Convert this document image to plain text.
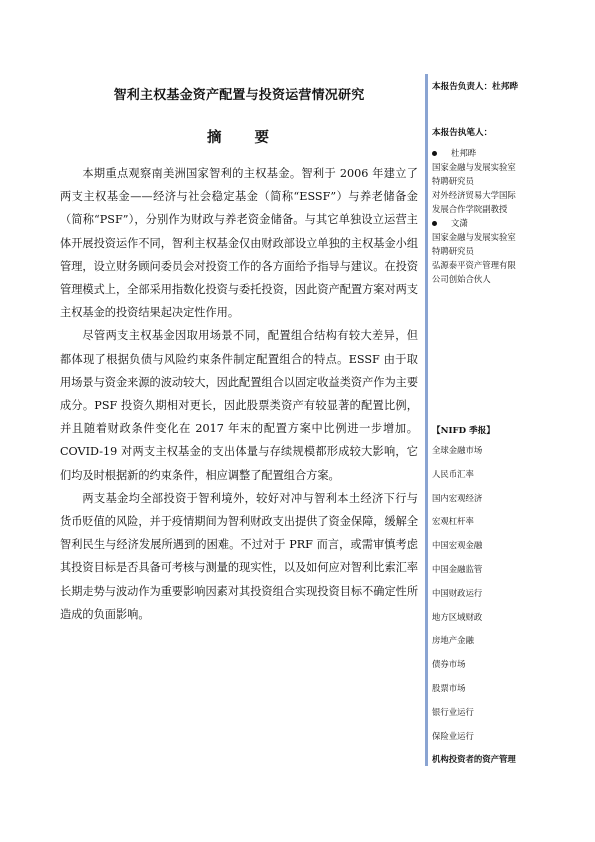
智利主权基金资产配置与投资运营情况研究
摘 要

本期重点观察南美洲国家智利的主权基金。智利于 2006 年建立了两支主权基金——经济与社会稳定基金（简称“ESSF”）与养老储备金（简称“PSF”），分别作为财政与养老资金储备。与其它单独设立运营主体开展投资运作不同，智利主权基金仅由财政部设立单独的主权基金小组管理，设立财务顾问委员会对投资工作的各方面给予指导与建议。在投资管理模式上，全部采用指数化投资与委托投资，因此资产配置方案对两支主权基金的投资结果起决定性作用。

尽管两支主权基金因取用场景不同，配置组合结构有较大差异，但都体现了根据负债与风险约束条件制定配置组合的特点。ESSF 由于取用场景与资金来源的波动较大，因此配置组合以固定收益类资产作为主要成分。PSF 投资久期相对更长，因此股票类资产有较显著的配置比例，并且随着财政条件变化在 2017 年末的配置方案中比例进一步增加。COVID-19 对两支主权基金的支出体量与存续规模都形成较大影响，它们均及时根据新的约束条件，相应调整了配置组合方案。

两支基金均全部投资于智利境外，较好对冲与智利本土经济下行与货币贬值的风险，并于疫情期间为智利财政支出提供了资金保障，缓解全智利民生与经济发展所遇到的困难。不过对于 PRF 而言，或需审慎考虑其投资目标是否具备可考核与测量的现实性，以及如何应对智利比索汇率长期走势与波动作为重要影响因素对其投资组合实现投资目标不确定性所造成的负面影响。

本报告负责人：杜邦晔

本报告执笔人：

杜邦晔

国家金融与发展实验室

特聘研究员

对外经济贸易大学国际

发展合作学院副教授

文潇

国家金融与发展实验室

特聘研究员

弘源泰平资产管理有限

公司创始合伙人

【NIFD 季报】

全球金融市场

人民币汇率

国内宏观经济

宏观杠杆率

中国宏观金融

中国金融监管

中国财政运行

地方区域财政

房地产金融

债券市场

股票市场

银行业运行

保险业运行

机构投资者的资产管理
